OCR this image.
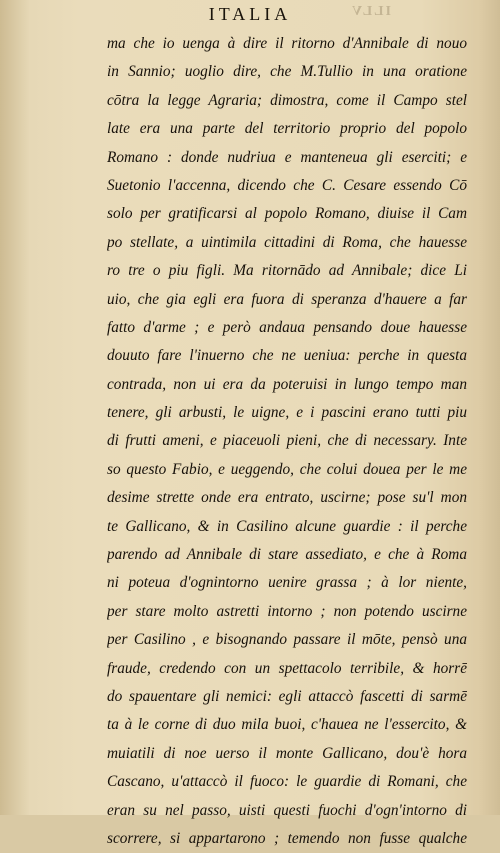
ILLV
ITALIA
ma che io uenga à dire il ritorno d'Annibale di nouo
in Sannio; uoglio dire, che M.Tullio in una oratione
cōtra la legge Agraria; dimostra, come il Campo stel
late era una parte del territorio proprio del popolo
Romano : donde nudriua e manteneua gli eserciti; e
Suetonio l'accenna, dicendo che C. Cesare essendo Cō
solo per gratificarsi al popolo Romano, diuise il Cam
po stellate, a uintimila cittadini di Roma, che hauesse
ro tre o piu figli. Ma ritornādo ad Annibale; dice Li
uio, che gia egli era fuora di speranza d'hauere a far
fatto d'arme ; e però andaua pensando doue hauesse
douuto fare l'inuerno che ne ueniua: perche in questa
contrada, non ui era da poteruisi in lungo tempo man
tenere, gli arbusti, le uigne, e i pascini erano tutti piu
di frutti ameni, e piaceuoli pieni, che di necessary. Inte
so questo Fabio, e ueggendo, che colui douea per le me
desime strette onde era entrato, uscirne; pose su'l mon
te Gallicano, & in Casilino alcune guardie : il perche
parendo ad Annibale di stare assediato, e che à Roma
ni poteua d'ognintorno uenire grassa ; à lor niente,
per stare molto astretti intorno ; non potendo uscirne
per Casilino , e bisognando passare il mōte, pensò una
fraude, credendo con un spettacolo terribile, & horrē
do spauentare gli nemici: egli attaccò fascetti di sarmē
ta à le corne di duo mila buoi, c'hauea ne l'essercito, &
muiatili di noe uerso il monte Gallicano, dou'è hora
Cascano, u'attaccò il fuoco: le guardie di Romani, che
eran su nel passo, uisti questi fuochi d'ogn'intorno di
scorrere, si appartarono ; temendo non fusse qualche
